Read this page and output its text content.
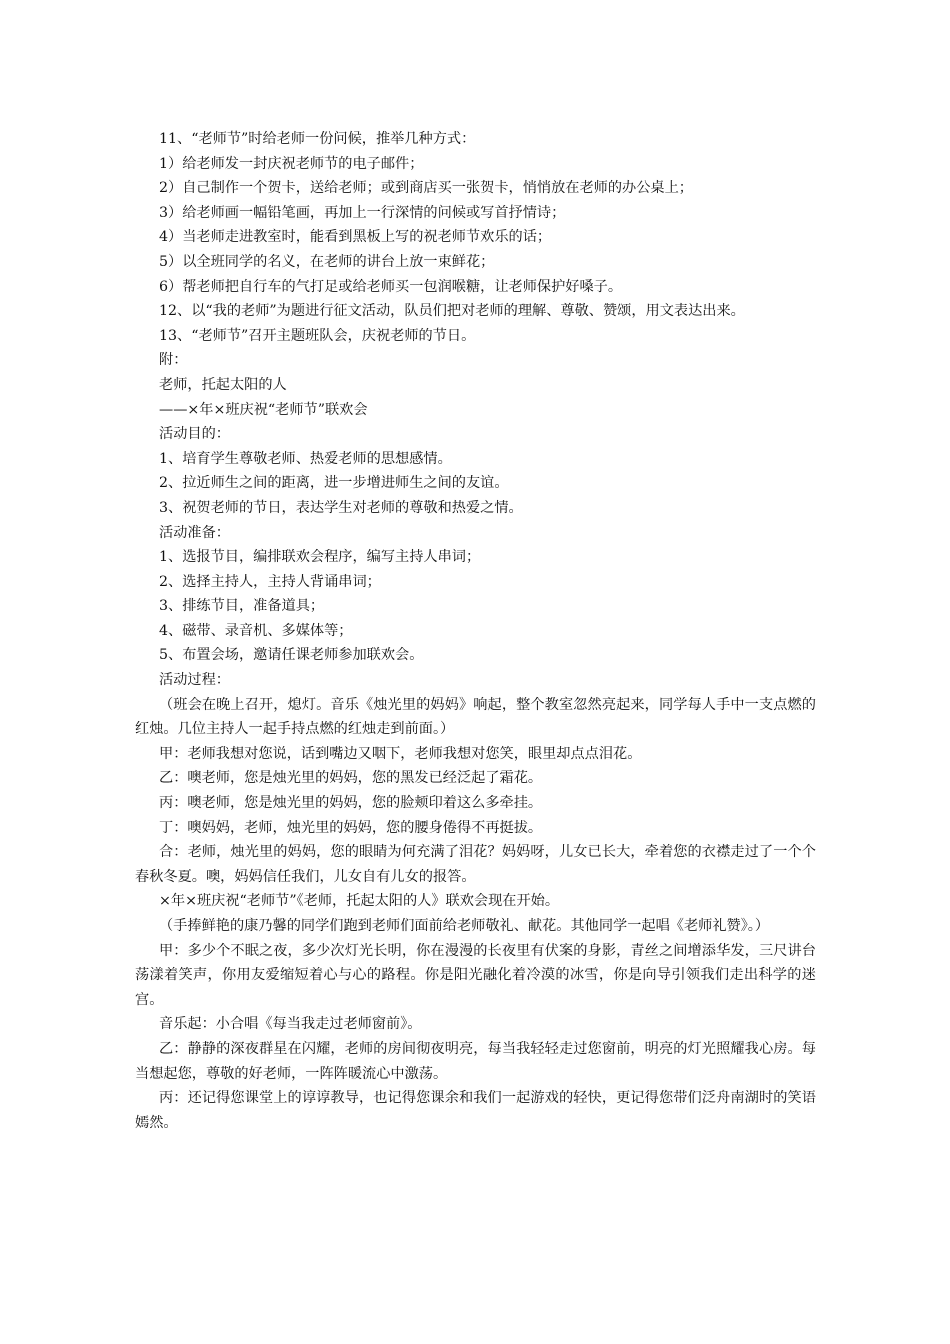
11、“老师节”时给老师一份问候，推举几种方式：

1）给老师发一封庆祝老师节的电子邮件；

2）自己制作一个贺卡，送给老师；或到商店买一张贺卡，悄悄放在老师的办公桌上；

3）给老师画一幅铅笔画，再加上一行深情的问候或写首抒情诗；

4）当老师走进教室时，能看到黑板上写的祝老师节欢乐的话；

5）以全班同学的名义，在老师的讲台上放一束鲜花；

6）帮老师把自行车的气打足或给老师买一包润喉糖，让老师保护好嗓子。

12、以“我的老师”为题进行征文活动，队员们把对老师的理解、尊敬、赞颂，用文表达出来。

13、“老师节”召开主题班队会，庆祝老师的节日。

附：

老师，托起太阳的人

——×年×班庆祝“老师节”联欢会

活动目的：

1、培育学生尊敬老师、热爱老师的思想感情。

2、拉近师生之间的距离，进一步增进师生之间的友谊。

3、祝贺老师的节日，表达学生对老师的尊敬和热爱之情。

活动准备：

1、选报节目，编排联欢会程序，编写主持人串词；

2、选择主持人，主持人背诵串词；

3、排练节目，准备道具；

4、磁带、录音机、多媒体等；

5、布置会场，邀请任课老师参加联欢会。

活动过程：

（班会在晚上召开，熄灯。音乐《烛光里的妈妈》响起，整个教室忽然亮起来，同学每人手中一支点燃的红烛。几位主持人一起手持点燃的红烛走到前面。）

甲：老师我想对您说，话到嘴边又咽下，老师我想对您笑，眼里却点点泪花。

乙：噢老师，您是烛光里的妈妈，您的黑发已经泛起了霜花。

丙：噢老师，您是烛光里的妈妈，您的脸颊印着这么多牵挂。

丁：噢妈妈，老师，烛光里的妈妈，您的腰身倦得不再挺拔。

合：老师，烛光里的妈妈，您的眼睛为何充满了泪花？妈妈呀，儿女已长大，牵着您的衣襟走过了一个个春秋冬夏。噢，妈妈信任我们，儿女自有儿女的报答。

×年×班庆祝“老师节”《老师，托起太阳的人》联欢会现在开始。

（手捧鲜艳的康乃馨的同学们跑到老师们面前给老师敬礼、献花。其他同学一起唱《老师礼赞》。）

甲：多少个不眠之夜，多少次灯光长明，你在漫漫的长夜里有伏案的身影，青丝之间增添华发，三尺讲台荡漾着笑声，你用友爱缩短着心与心的路程。你是阳光融化着冷漠的冰雪，你是向导引领我们走出科学的迷宫。

音乐起：小合唱《每当我走过老师窗前》。

乙：静静的深夜群星在闪耀，老师的房间彻夜明亮，每当我轻轻走过您窗前，明亮的灯光照耀我心房。每当想起您，尊敬的好老师，一阵阵暖流心中激荡。

丙：还记得您课堂上的谆谆教导，也记得您课余和我们一起游戏的轻快，更记得您带们泛舟南湖时的笑语嫣然。
